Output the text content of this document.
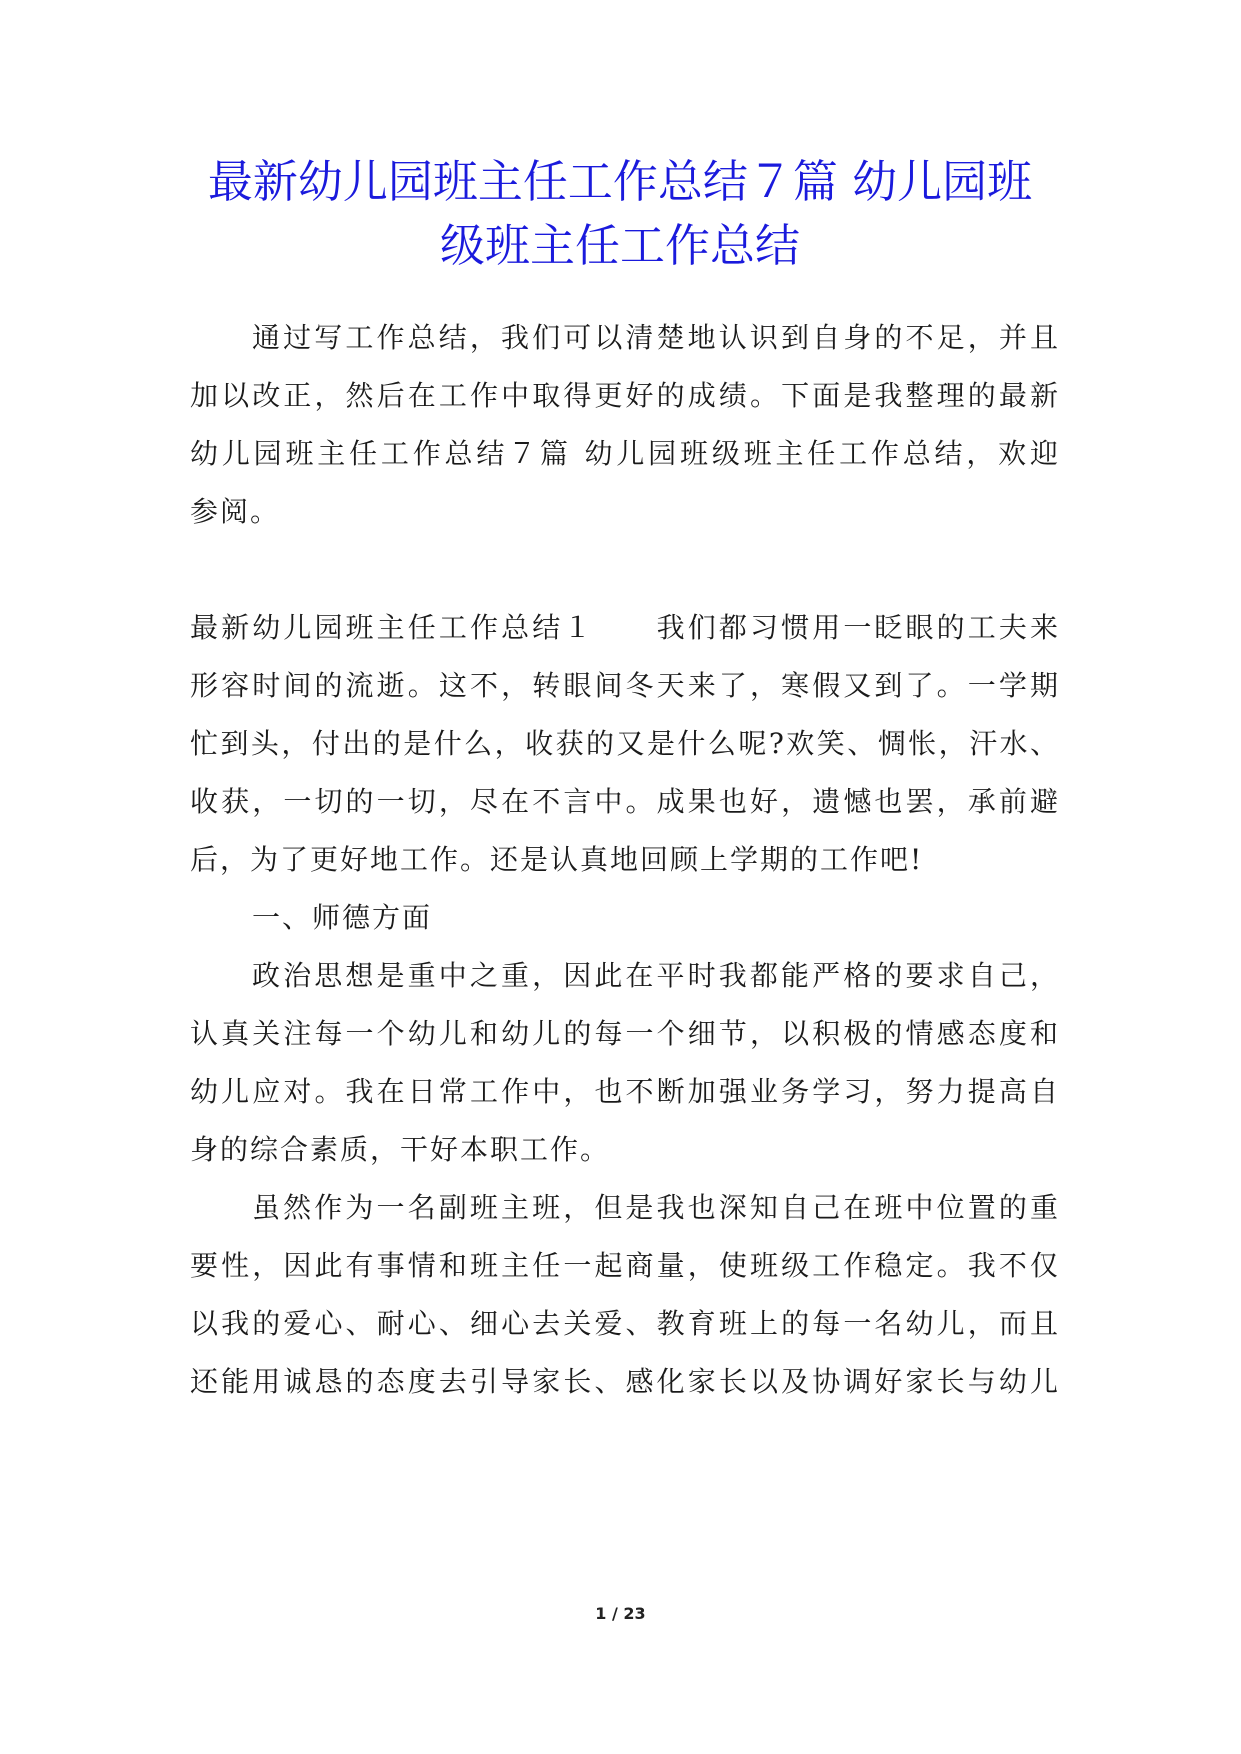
最新幼儿园班主任工作总结７篇 幼儿园班
级班主任工作总结
通过写工作总结，我们可以清楚地认识到自身的不足，并且
加以改正，然后在工作中取得更好的成绩。下面是我整理的最新
幼儿园班主任工作总结７篇 幼儿园班级班主任工作总结，欢迎
参阅。
最新幼儿园班主任工作总结１　　我们都习惯用一眨眼的工夫来
形容时间的流逝。这不，转眼间冬天来了，寒假又到了。一学期
忙到头，付出的是什么，收获的又是什么呢?欢笑、惆怅，汗水、
收获，一切的一切，尽在不言中。成果也好，遗憾也罢，承前避
后，为了更好地工作。还是认真地回顾上学期的工作吧!
一、师德方面
政治思想是重中之重，因此在平时我都能严格的要求自己，
认真关注每一个幼儿和幼儿的每一个细节，以积极的情感态度和
幼儿应对。我在日常工作中，也不断加强业务学习，努力提高自
身的综合素质，干好本职工作。
虽然作为一名副班主班，但是我也深知自己在班中位置的重
要性，因此有事情和班主任一起商量，使班级工作稳定。我不仅
以我的爱心、耐心、细心去关爱、教育班上的每一名幼儿，而且
还能用诚恳的态度去引导家长、感化家长以及协调好家长与幼儿
1 / 23
